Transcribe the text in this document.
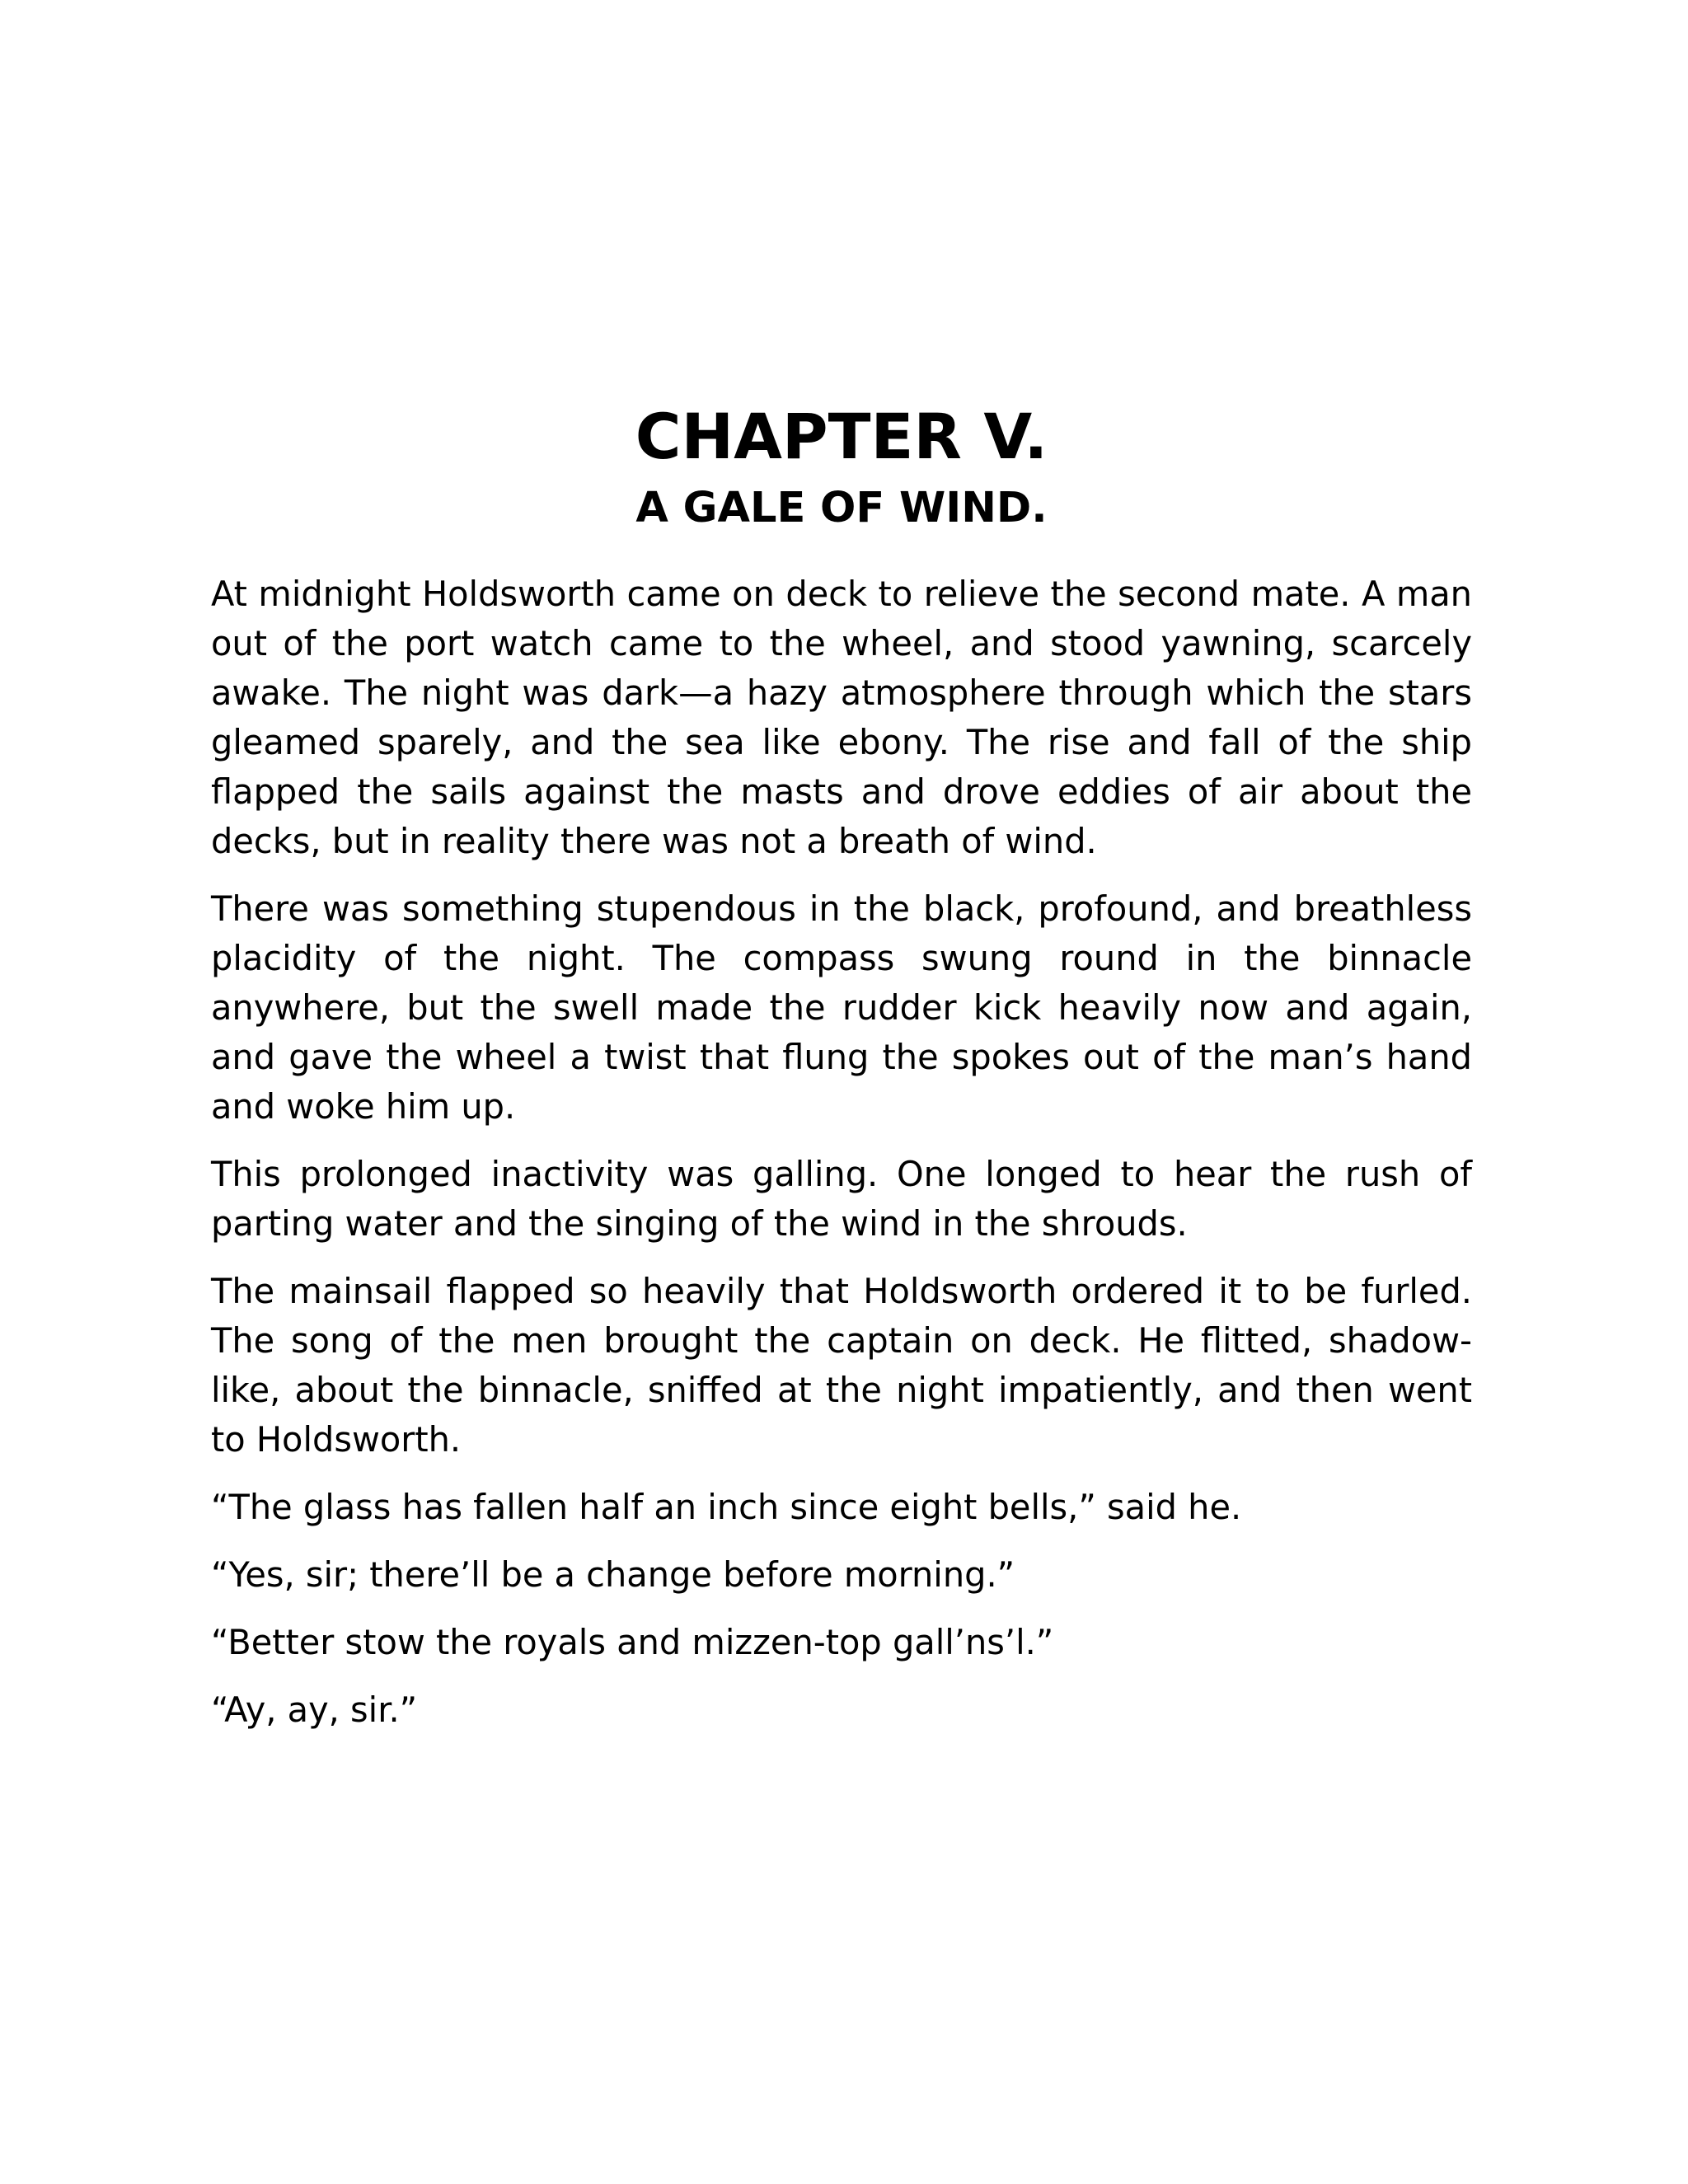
CHAPTER V.
A GALE OF WIND.

At midnight Holdsworth came on deck to relieve the second mate. A man out of the port watch came to the wheel, and stood yawning, scarcely awake. The night was dark—a hazy atmosphere through which the stars gleamed sparely, and the sea like ebony. The rise and fall of the ship flapped the sails against the masts and drove eddies of air about the decks, but in reality there was not a breath of wind.

There was something stupendous in the black, profound, and breathless placidity of the night. The compass swung round in the binnacle anywhere, but the swell made the rudder kick heavily now and again, and gave the wheel a twist that flung the spokes out of the man’s hand and woke him up.

This prolonged inactivity was galling. One longed to hear the rush of parting water and the singing of the wind in the shrouds.

The mainsail flapped so heavily that Holdsworth ordered it to be furled. The song of the men brought the captain on deck. He flitted, shadow-like, about the binnacle, sniffed at the night impatiently, and then went to Holdsworth.

“The glass has fallen half an inch since eight bells,” said he.

“Yes, sir; there’ll be a change before morning.”

“Better stow the royals and mizzen-top gall’ns’l.”

“Ay, ay, sir.”
